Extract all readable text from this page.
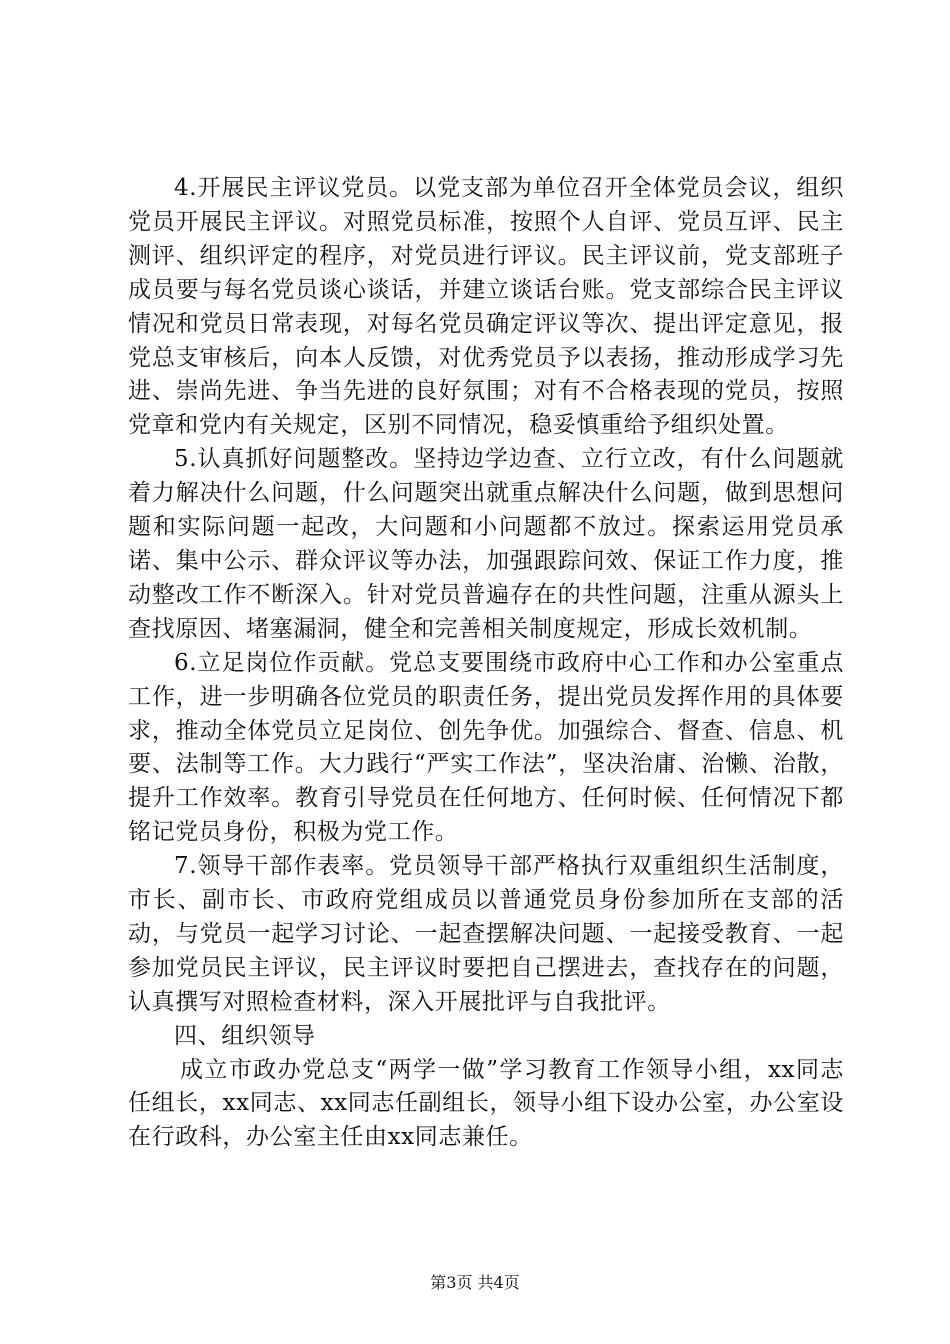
4.开展民主评议党员。以党支部为单位召开全体党员会议，组织党员开展民主评议。对照党员标准，按照个人自评、党员互评、民主测评、组织评定的程序，对党员进行评议。民主评议前，党支部班子成员要与每名党员谈心谈话，并建立谈话台账。党支部综合民主评议情况和党员日常表现，对每名党员确定评议等次、提出评定意见，报党总支审核后，向本人反馈，对优秀党员予以表扬，推动形成学习先进、崇尚先进、争当先进的良好氛围；对有不合格表现的党员，按照党章和党内有关规定，区别不同情况，稳妥慎重给予组织处置。

5.认真抓好问题整改。坚持边学边查、立行立改，有什么问题就着力解决什么问题，什么问题突出就重点解决什么问题，做到思想问题和实际问题一起改，大问题和小问题都不放过。探索运用党员承诺、集中公示、群众评议等办法，加强跟踪问效、保证工作力度，推动整改工作不断深入。针对党员普遍存在的共性问题，注重从源头上查找原因、堵塞漏洞，健全和完善相关制度规定，形成长效机制。

6.立足岗位作贡献。党总支要围绕市政府中心工作和办公室重点工作，进一步明确各位党员的职责任务，提出党员发挥作用的具体要求，推动全体党员立足岗位、创先争优。加强综合、督查、信息、机要、法制等工作。大力践行“严实工作法”，坚决治庸、治懒、治散，提升工作效率。教育引导党员在任何地方、任何时候、任何情况下都铭记党员身份，积极为党工作。

7.领导干部作表率。党员领导干部严格执行双重组织生活制度，市长、副市长、市政府党组成员以普通党员身份参加所在支部的活动，与党员一起学习讨论、一起查摆解决问题、一起接受教育、一起参加党员民主评议，民主评议时要把自己摆进去，查找存在的问题，认真撰写对照检查材料，深入开展批评与自我批评。

四、组织领导

成立市政办党总支“两学一做”学习教育工作领导小组，xx同志任组长，xx同志、xx同志任副组长，领导小组下设办公室，办公室设在行政科，办公室主任由xx同志兼任。

第3页 共4页
